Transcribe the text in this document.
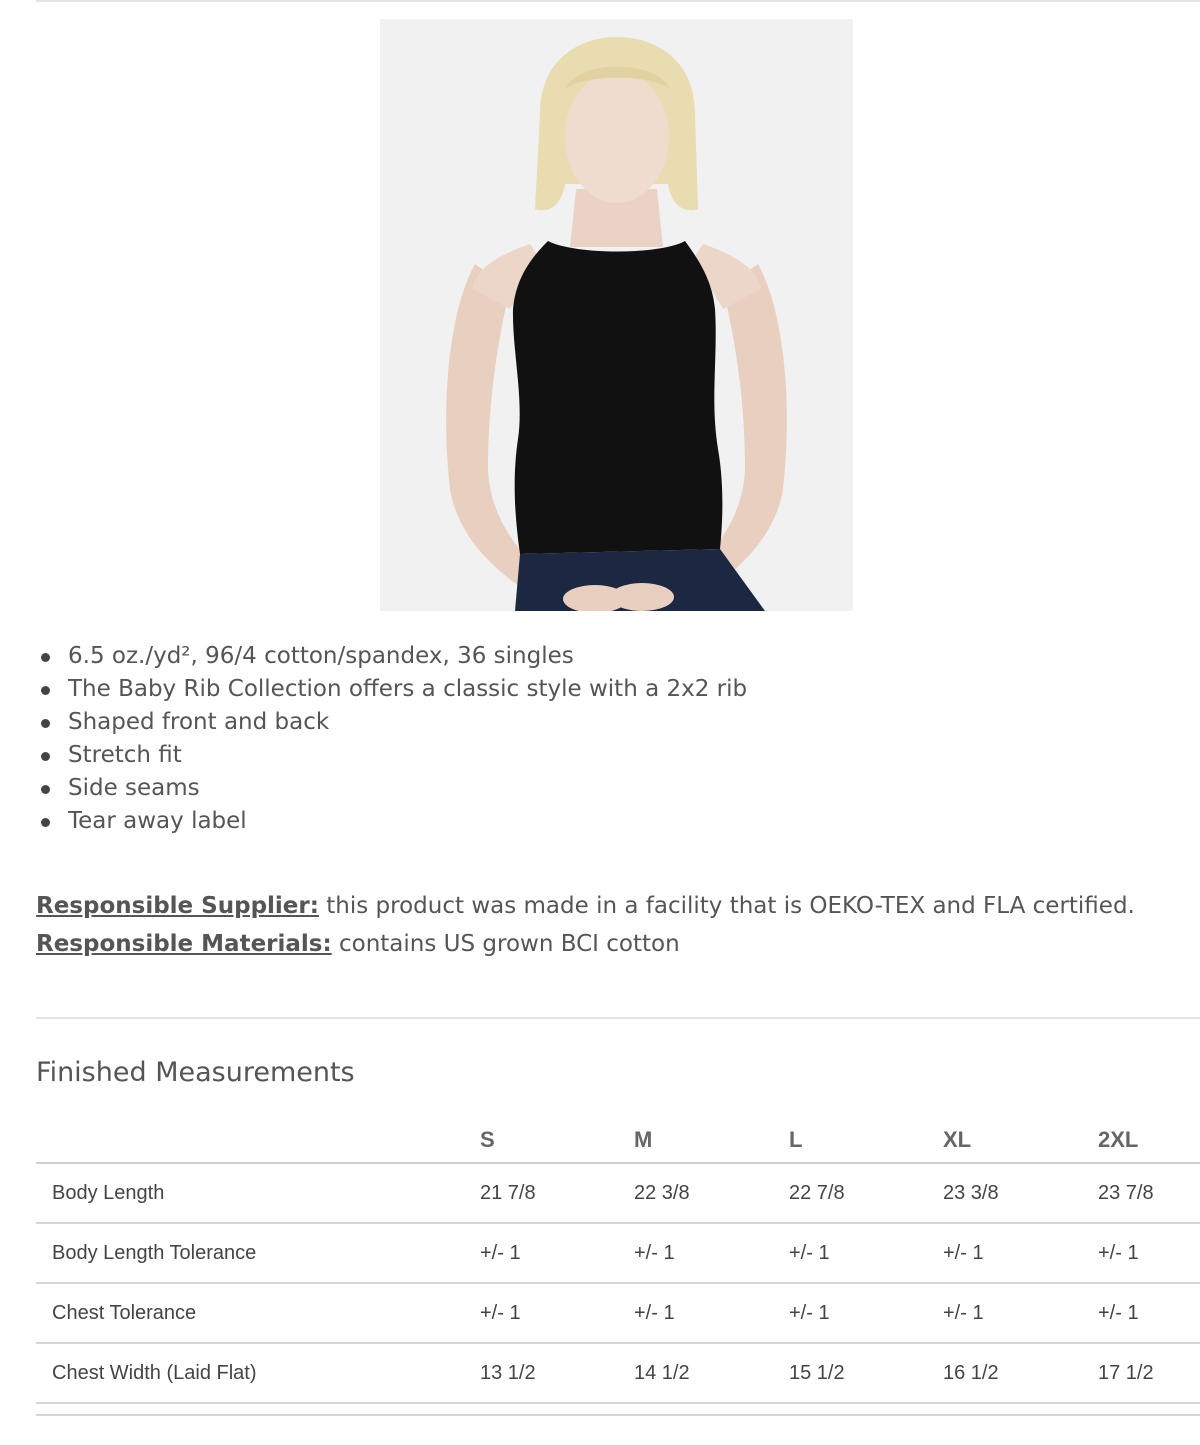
6.5 oz./yd², 96/4 cotton/spandex, 36 singles
The Baby Rib Collection offers a classic style with a 2x2 rib
Shaped front and back
Stretch fit
Side seams
Tear away label

Responsible Supplier: this product was made in a facility that is OEKO-TEX and FLA certified.

Responsible Materials: contains US grown BCI cotton

Finished Measurements
	S	M	L	XL	2XL
Body Length	21 7/8	22 3/8	22 7/8	23 3/8	23 7/8
Body Length Tolerance	+/- 1	+/- 1	+/- 1	+/- 1	+/- 1
Chest Tolerance	+/- 1	+/- 1	+/- 1	+/- 1	+/- 1
Chest Width (Laid Flat)	13 1/2	14 1/2	15 1/2	16 1/2	17 1/2
